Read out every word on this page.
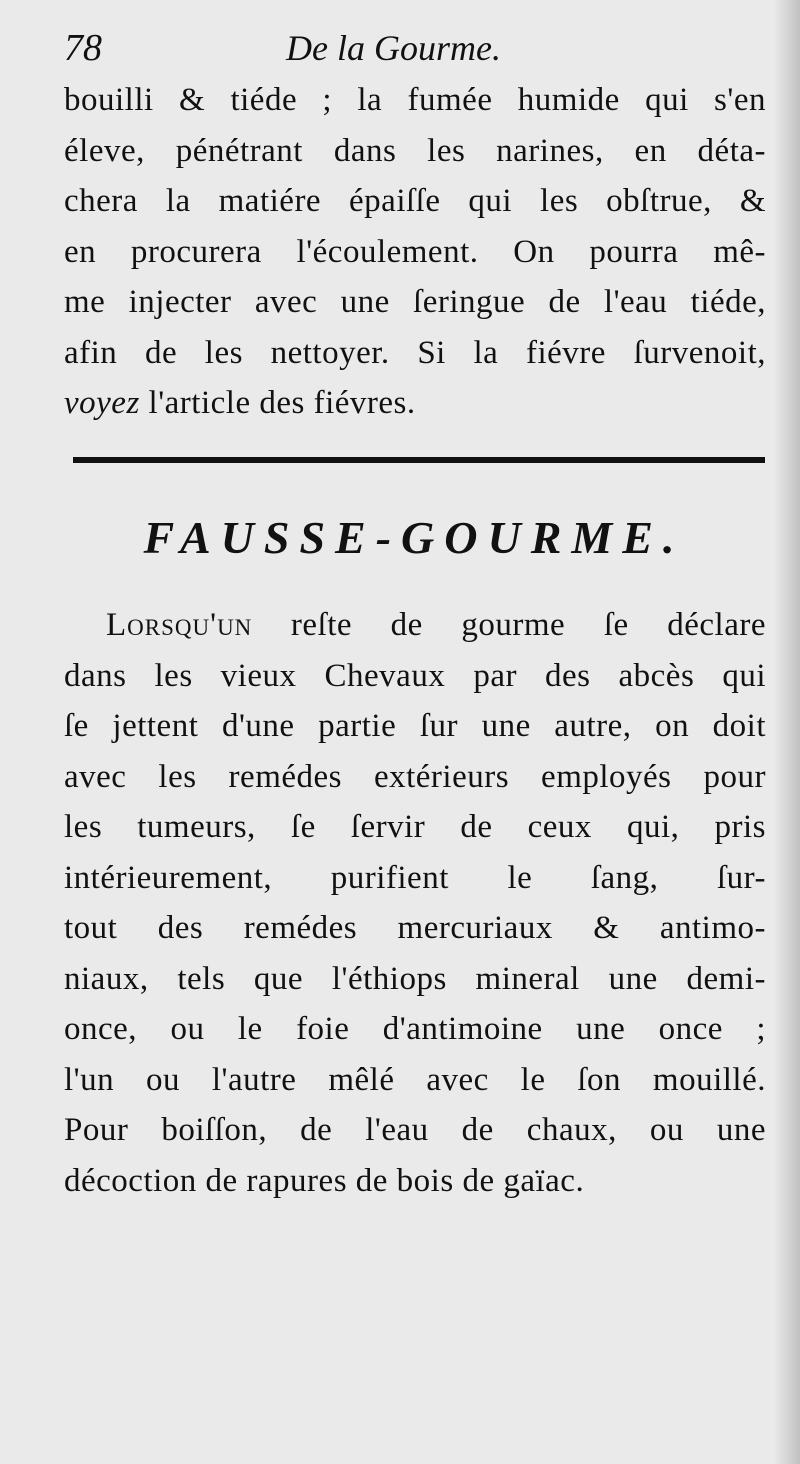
78	De la Gourme.
bouilli & tiéde ; la fumée humide qui s'en
éleve, pénétrant dans les narines, en déta-
chera la matiére épaiſſe qui les obſtrue, &
en procurera l'écoulement. On pourra mê-
me injecter avec une ſeringue de l'eau tiéde,
afin de les nettoyer. Si la fiévre ſurvenoit,
voyez l'article des fiévres.
FAUSSE-GOURME.
Lorsqu'un reſte de gourme ſe déclare
dans les vieux Chevaux par des abcès qui
ſe jettent d'une partie ſur une autre, on doit
avec les remédes extérieurs employés pour
les tumeurs, ſe ſervir de ceux qui, pris
intérieurement, purifient le ſang, ſur-
tout des remédes mercuriaux & antimo-
niaux, tels que l'éthiops mineral une demi-
once, ou le foie d'antimoine une once ;
l'un ou l'autre mêlé avec le ſon mouillé.
Pour boiſſon, de l'eau de chaux, ou une
décoction de rapures de bois de gaïac.
